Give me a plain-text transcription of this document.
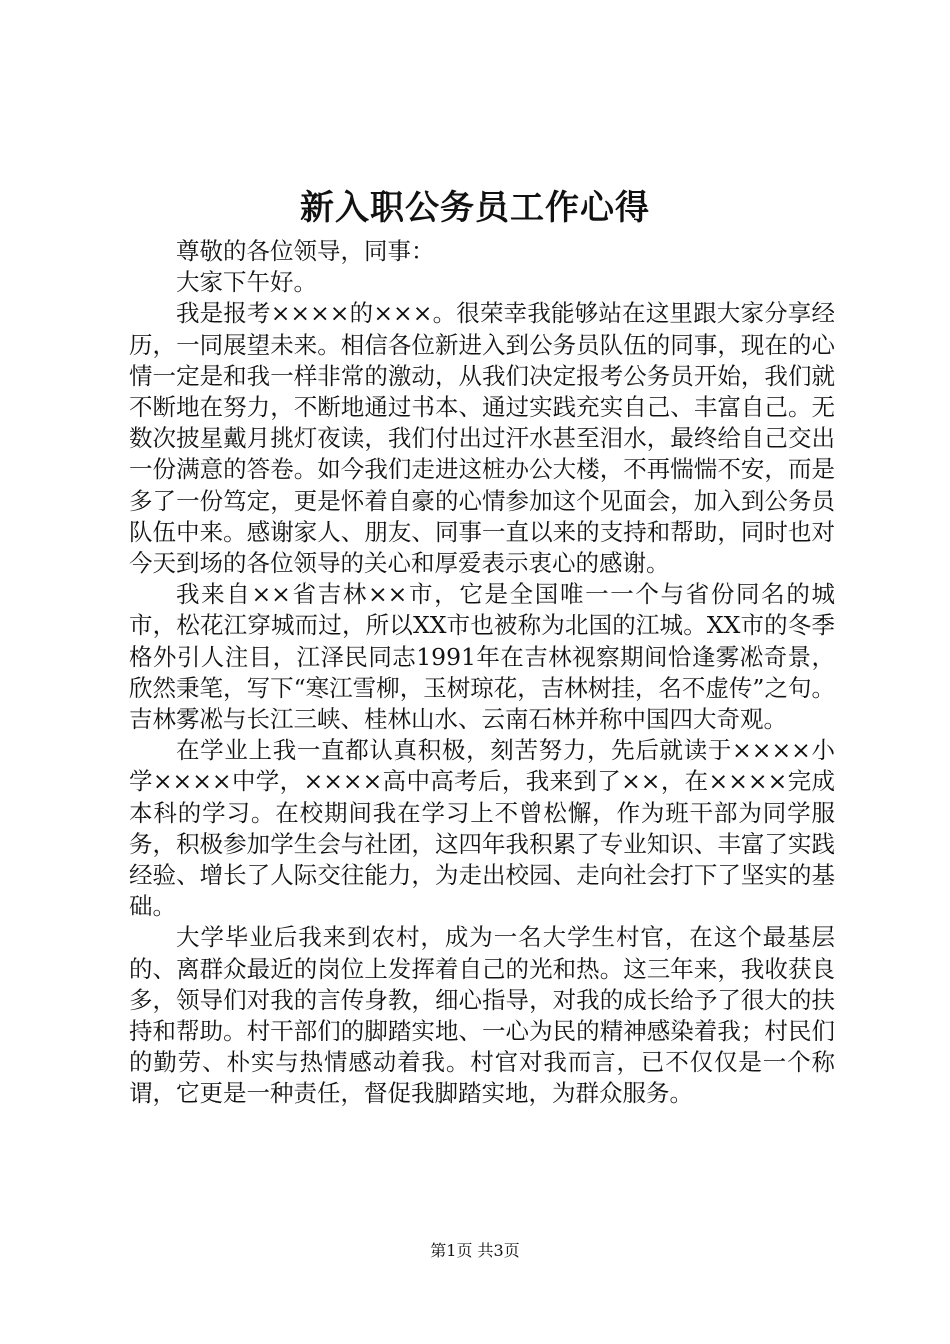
新入职公务员工作心得

尊敬的各位领导，同事：

大家下午好。

我是报考××××的×××。很荣幸我能够站在这里跟大家分享经历，一同展望未来。相信各位新进入到公务员队伍的同事，现在的心情一定是和我一样非常的激动，从我们决定报考公务员开始，我们就不断地在努力，不断地通过书本、通过实践充实自己、丰富自己。无数次披星戴月挑灯夜读，我们付出过汗水甚至泪水，最终给自己交出一份满意的答卷。如今我们走进这桩办公大楼，不再惴惴不安，而是多了一份笃定，更是怀着自豪的心情参加这个见面会，加入到公务员队伍中来。感谢家人、朋友、同事一直以来的支持和帮助，同时也对今天到场的各位领导的关心和厚爱表示衷心的感谢。

我来自××省吉林××市，它是全国唯一一个与省份同名的城市，松花江穿城而过，所以XX市也被称为北国的江城。XX市的冬季格外引人注目，江泽民同志1991年在吉林视察期间恰逢雾凇奇景，欣然秉笔，写下“寒江雪柳，玉树琼花，吉林树挂，名不虚传”之句。吉林雾凇与长江三峡、桂林山水、云南石林并称中国四大奇观。

在学业上我一直都认真积极，刻苦努力，先后就读于××××小学××××中学，××××高中高考后，我来到了××，在××××完成本科的学习。在校期间我在学习上不曾松懈，作为班干部为同学服务，积极参加学生会与社团，这四年我积累了专业知识、丰富了实践经验、增长了人际交往能力，为走出校园、走向社会打下了坚实的基础。

大学毕业后我来到农村，成为一名大学生村官，在这个最基层的、离群众最近的岗位上发挥着自己的光和热。这三年来，我收获良多，领导们对我的言传身教，细心指导，对我的成长给予了很大的扶持和帮助。村干部们的脚踏实地、一心为民的精神感染着我；村民们的勤劳、朴实与热情感动着我。村官对我而言，已不仅仅是一个称谓，它更是一种责任，督促我脚踏实地，为群众服务。

第1页 共3页
